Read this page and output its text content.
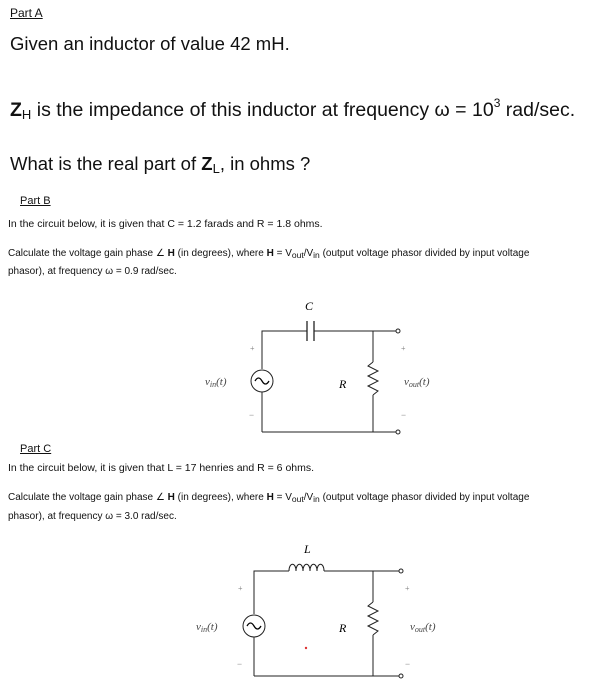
Part A
Given an inductor of value 42 mH.
$Z_H$ is the impedance of this inductor at frequency $\omega = 10^3$ rad/sec.
What is the real part of $Z_L$, in ohms ?
Part B
In the circuit below, it is given that C = 1.2 farads and R = 1.8 ohms.
Calculate the voltage gain phase ∠ H (in degrees), where $H = V_{out}/V_{in}$ (output voltage phasor divided by input voltage
phasor), at frequency ω = 0.9 rad/sec.
C
R
+
−
+
−
vin(t)	vout(t)
Part C
In the circuit below, it is given that L = 17 henries and R = 6 ohms.
Calculate the voltage gain phase ∠ H (in degrees), where $H = V_{out}/V_{in}$ (output voltage phasor divided by input voltage
phasor), at frequency ω = 3.0 rad/sec.
L
R
+
−
+
−
vin(t)	vout(t)
